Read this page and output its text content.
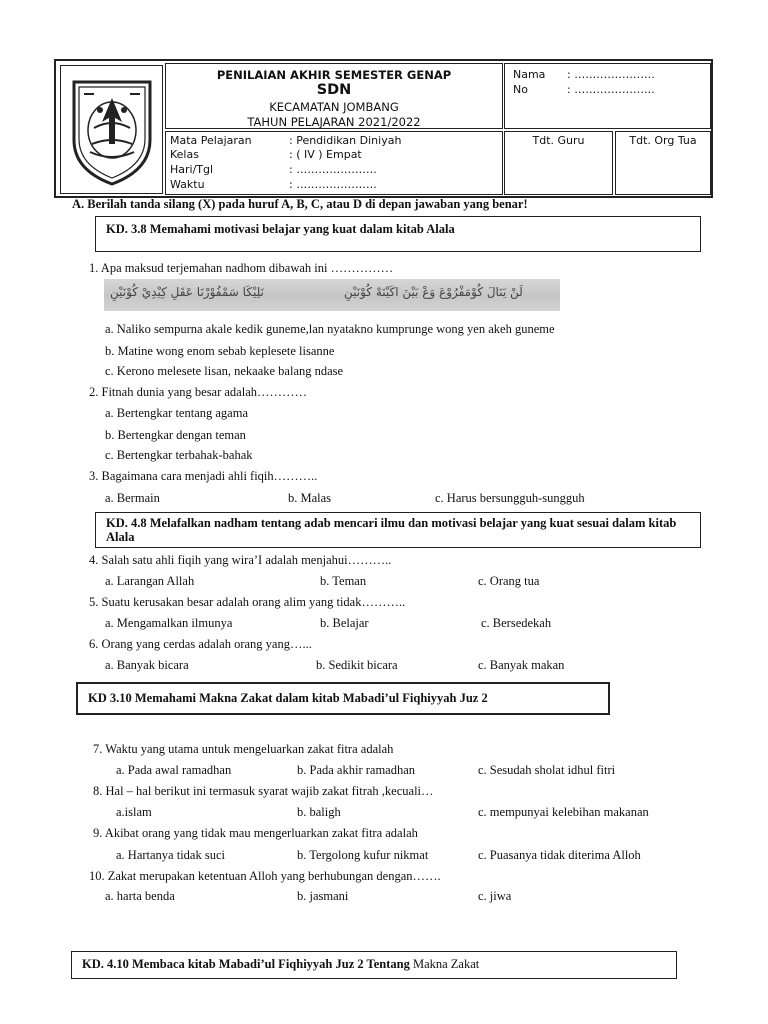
PENILAIAN AKHIR SEMESTER GENAP
SDN
KECAMATAN JOMBANG
TAHUN PELAJARAN 2021/2022
Nama : ………………….
No	: ………………….
Mata Pelajaran	: Pendidikan Diniyah
Kelas	: ( IV ) Empat
Hari/Tgl	: ………………….
Waktu	: ………………….
Tdt. Guru	Tdt. Org Tua
A. Berilah tanda silang (X) pada huruf A, B, C, atau D di depan jawaban yang benar!
KD. 3.8 Memahami motivasi belajar yang kuat dalam kitab Alala
1. Apa maksud terjemahan nadhom dibawah ini ……………
نَلِيْكَا سَمْفُوْرْنَا عَقَلِ كِيْدِيْ كُوْنَيْنِ	لَنْ يَنَالَ كُوْمَفْرُوْعَ وَعْ بَيْنَ اكَيْنَهْ كُوْنَيْنِ
a. Naliko sempurna akale kedik guneme,lan nyatakno kumprunge wong yen akeh guneme
b. Matine wong enom sebab keplesete lisanne
c. Kerono melesete lisan, nekaake balang ndase
2. Fitnah dunia yang besar adalah…………
a. Bertengkar tentang agama
b. Bertengkar dengan teman
c. Bertengkar terbahak-bahak
3. Bagaimana cara menjadi ahli fiqih………..
a. Bermain	b. Malas	c. Harus bersungguh-sungguh
KD. 4.8 Melafalkan nadham tentang adab mencari ilmu dan motivasi belajar yang kuat sesuai dalam kitab Alala
4. Salah satu ahli fiqih yang wira’I adalah menjahui………..
a. Larangan Allah	b. Teman	c. Orang tua
5. Suatu kerusakan besar adalah orang alim yang tidak………..
a. Mengamalkan ilmunya	b. Belajar	c. Bersedekah
6. Orang yang cerdas adalah orang yang…...
a. Banyak bicara	b. Sedikit bicara	c. Banyak makan
KD 3.10 Memahami Makna Zakat dalam kitab Mabadi’ul Fiqhiyyah Juz 2
7. Waktu yang utama untuk mengeluarkan zakat fitra adalah
a. Pada awal ramadhan	b. Pada akhir ramadhan	c. Sesudah sholat idhul fitri
8. Hal – hal berikut ini termasuk syarat wajib zakat fitrah ,kecuali…
a.islam	b. baligh	c. mempunyai kelebihan makanan
9. Akibat orang yang tidak mau mengerluarkan zakat fitra adalah
a. Hartanya tidak suci	b. Tergolong kufur nikmat	c. Puasanya tidak diterima Alloh
10. Zakat merupakan ketentuan Alloh yang berhubungan dengan…….
a. harta benda	b. jasmani	c. jiwa
KD. 4.10 Membaca kitab Mabadi’ul Fiqhiyyah Juz 2 Tentang Makna Zakat
